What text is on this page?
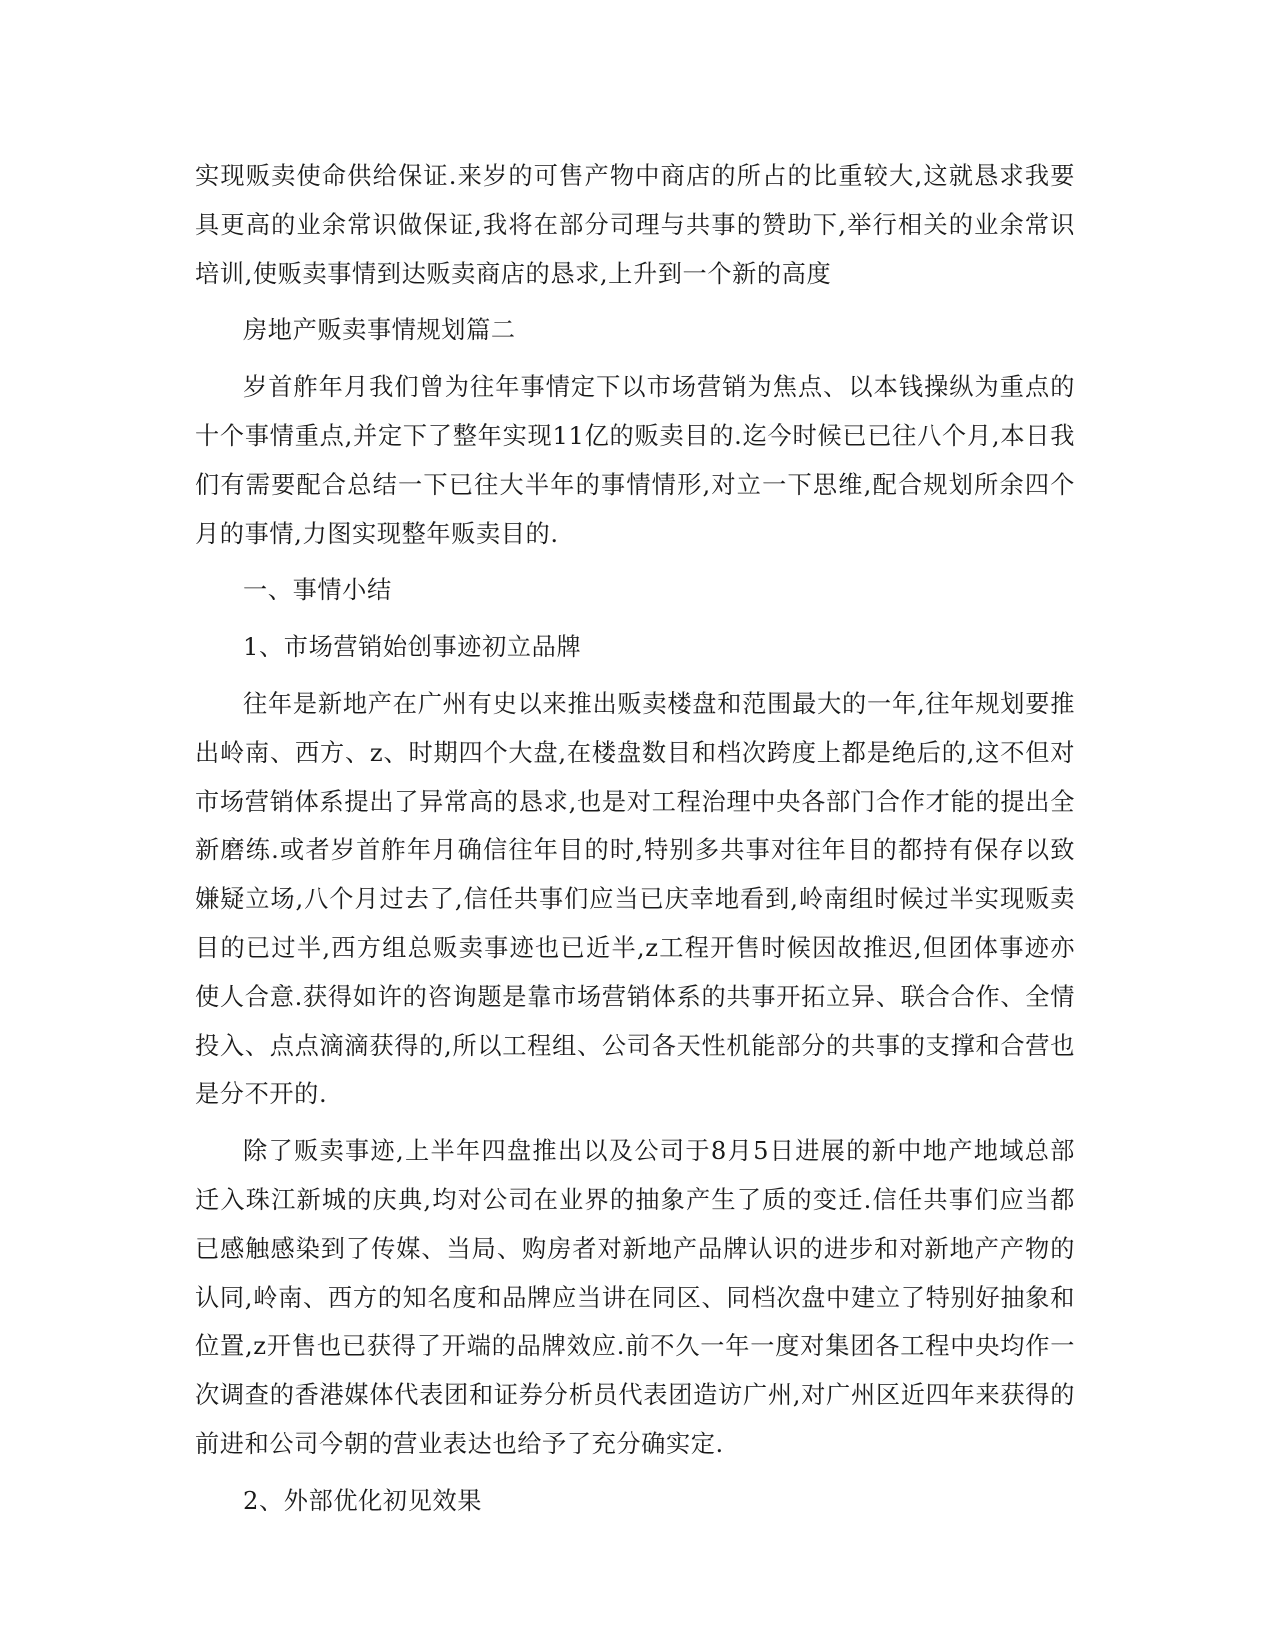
实现贩卖使命供给保证.来岁的可售产物中商店的所占的比重较大,这就恳求我要具更高的业余常识做保证,我将在部分司理与共事的赞助下,举行相关的业余常识培训,使贩卖事情到达贩卖商店的恳求,上升到一个新的高度

房地产贩卖事情规划篇二

岁首舴年月我们曾为往年事情定下以市场营销为焦点、以本钱操纵为重点的十个事情重点,并定下了整年实现11亿的贩卖目的.迄今时候已已往八个月,本日我们有需要配合总结一下已往大半年的事情情形,对立一下思维,配合规划所余四个月的事情,力图实现整年贩卖目的.

一、事情小结

1、市场营销始创事迹初立品牌

往年是新地产在广州有史以来推出贩卖楼盘和范围最大的一年,往年规划要推出岭南、西方、z、时期四个大盘,在楼盘数目和档次跨度上都是绝后的,这不但对市场营销体系提出了异常高的恳求,也是对工程治理中央各部门合作才能的提出全新磨练.或者岁首舴年月确信往年目的时,特别多共事对往年目的都持有保存以致嫌疑立场,八个月过去了,信任共事们应当已庆幸地看到,岭南组时候过半实现贩卖目的已过半,西方组总贩卖事迹也已近半,z工程开售时候因故推迟,但团体事迹亦使人合意.获得如许的咨询题是靠市场营销体系的共事开拓立异、联合合作、全情投入、点点滴滴获得的,所以工程组、公司各天性机能部分的共事的支撑和合营也是分不开的.

除了贩卖事迹,上半年四盘推出以及公司于8月5日进展的新中地产地域总部迁入珠江新城的庆典,均对公司在业界的抽象产生了质的变迁.信任共事们应当都已感触感染到了传媒、当局、购房者对新地产品牌认识的进步和对新地产产物的认同,岭南、西方的知名度和品牌应当讲在同区、同档次盘中建立了特别好抽象和位置,z开售也已获得了开端的品牌效应.前不久一年一度对集团各工程中央均作一次调查的香港媒体代表团和证券分析员代表团造访广州,对广州区近四年来获得的前进和公司今朝的营业表达也给予了充分确实定.

2、外部优化初见效果
